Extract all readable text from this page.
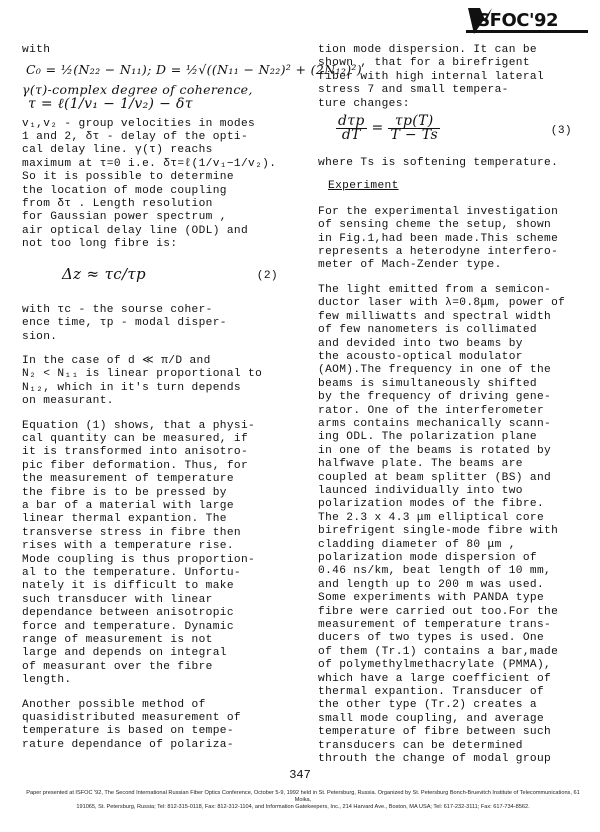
ISFOC'92
with
C₀ = ½(N₂₂ − N₁₁); D = ½√((N₁₁ − N₂₂)² + (2N₁₂)²)
γ(τ)-complex degree of coherence,
τ = ℓ(1/v₁ − 1/v₂) − δτ

v₁,v₂ - group velocities in modes
1 and 2, δτ - delay of the opti-
cal delay line. γ(τ) reachs
maximum at τ=0 i.e. δτ=ℓ(1/v₁−1/v₂).
So it is possible to determine
the location of mode coupling
from δτ . Length resolution
for Gaussian power spectrum ,
air optical delay line (ODL) and
not too long fibre is:

Δz ≈ τc/τp	(2)

with τc - the sourse coher-
ence time, τp - modal disper-
sion.

In the case of d ≪ π/D and
N₂ < N₁₁ is linear proportional to
N₁₂, which in it's turn depends
on measurant.

Equation (1) shows, that a physi-
cal quantity can be measured, if
it is transformed into anisotro-
pic fiber deformation. Thus, for
the measurement of temperature
the fibre is to be pressed by
a bar of a material with large
linear thermal expantion. The
transverse stress in fibre then
rises with a temperature rise.
Mode coupling is thus proportion-
al to the temperature. Unfortu-
nately it is difficult to make
such transducer with linear
dependance between anisotropic
force and temperature. Dynamic
range of measurement is not
large and depends on integral
of measurant over the fibre
length.

Another possible method of
quasidistributed measurement of
temperature is based on tempe-
rature dependance of polariza-

tion mode dispersion. It can be
shown , that for a birefrigent
fiber with high internal lateral
stress 7 and small tempera-
ture changes:

$\frac{\text{dτp}}{dT} = \frac{\tau p(T)}{T - Ts}$	(3)

where Ts is softening temperature.

Experiment

For the experimental investigation
of sensing cheme the setup, shown
in Fig.1,had been made.This scheme
represents a heterodyne interfero-
meter of Mach-Zender type.

The light emitted from a semicon-
ductor laser with λ=0.8μm, power of
few milliwatts and spectral width
of few nanometers is collimated
and devided into two beams by
the acousto-optical modulator
(AOM).The frequency in one of the
beams is simultaneously shifted
by the frequency of driving gene-
rator. One of the interferometer
arms contains mechanically scann-
ing ODL. The polarization plane
in one of the beams is rotated by
halfwave plate. The beams are
coupled at beam splitter (BS) and
launced individually into two
polarization modes of the fibre.
The 2.3 x 4.3 μm elliptical core
birefrigent single-mode fibre with
cladding diameter of 80 μm ,
polarization mode dispersion of
0.46 ns/km, beat length of 10 mm,
and length up to 200 m was used.
Some experiments with PANDA type
fibre were carried out too.For the
measurement of temperature trans-
ducers of two types is used. One
of them (Tr.1) contains a bar,made
of polymethylmethacrylate (PMMA),
which have a large coefficient of
thermal expantion. Transducer of
the other type (Tr.2) creates a
small mode coupling, and average
temperature of fibre between such
transducers can be determined
throuth the change of modal group

347
Paper presented at ISFOC '92, The Second International Russian Fiber Optics Conference, October 5-9, 1992 held in St. Petersburg, Russia. Organized by St. Petersburg Bonch-Bruevitch Institute of Telecommunications, 61 Moika,
191065, St. Petersburg, Russia; Tel: 812-315-0118, Fax: 812-312-1104, and Information Gatekeepers, Inc., 214 Harvard Ave., Boston, MA USA; Tel: 617-232-3111; Fax: 617-734-8562.
